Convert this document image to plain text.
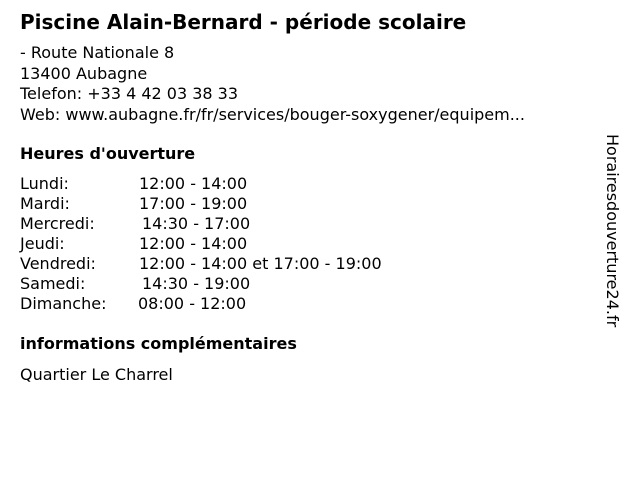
Piscine Alain-Bernard - période scolaire
- Route Nationale 8
13400 Aubagne
Telefon: +33 4 42 03 38 33
Web: www.aubagne.fr/fr/services/bouger-soxygener/equipem...
Heures d'ouverture
Lundi:	12:00 - 14:00
Mardi:	17:00 - 19:00
Mercredi:	14:30 - 17:00
Jeudi:	12:00 - 14:00
Vendredi:	12:00 - 14:00 et 17:00 - 19:00
Samedi:	14:30 - 19:00
Dimanche: 08:00 - 12:00
informations complémentaires
Quartier Le Charrel
Horairesdouverture24.fr
